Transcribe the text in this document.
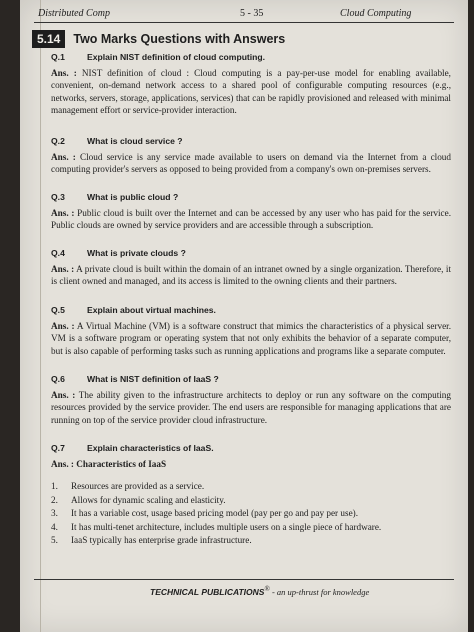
Distributed Comp	5 - 35	Cloud Computing
5.14 Two Marks Questions with Answers
Q.1	Explain NIST definition of cloud computing.
Ans. : NIST definition of cloud : Cloud computing is a pay-per-use model for enabling available, convenient, on-demand network access to a shared pool of configurable computing resources (e.g., networks, servers, storage, applications, services) that can be rapidly provisioned and released with minimal management effort or service-provider interaction.
Q.2	What is cloud service ?
Ans. : Cloud service is any service made available to users on demand via the Internet from a cloud computing provider's servers as opposed to being provided from a company's own on-premises servers.
Q.3	What is public cloud ?
Ans. : Public cloud is built over the Internet and can be accessed by any user who has paid for the service. Public clouds are owned by service providers and are accessible through a subscription.
Q.4	What is private clouds ?
Ans. : A private cloud is built within the domain of an intranet owned by a single organization. Therefore, it is client owned and managed, and its access is limited to the owning clients and their partners.
Q.5	Explain about virtual machines.
Ans. : A Virtual Machine (VM) is a software construct that mimics the characteristics of a physical server. VM is a software program or operating system that not only exhibits the behavior of a separate computer, but is also capable of performing tasks such as running applications and programs like a separate computer.
Q.6	What is NIST definition of IaaS ?
Ans. : The ability given to the infrastructure architects to deploy or run any software on the computing resources provided by the service provider. The end users are responsible for managing applications that are running on top of the service provider cloud infrastructure.
Q.7	Explain characteristics of IaaS.
Ans. : Characteristics of IaaS
1. Resources are provided as a service.
2. Allows for dynamic scaling and elasticity.
3. It has a variable cost, usage based pricing model (pay per go and pay per use).
4. It has multi-tenet architecture, includes multiple users on a single piece of hardware.
5. IaaS typically has enterprise grade infrastructure.
TECHNICAL PUBLICATIONS® - an up-thrust for knowledge
